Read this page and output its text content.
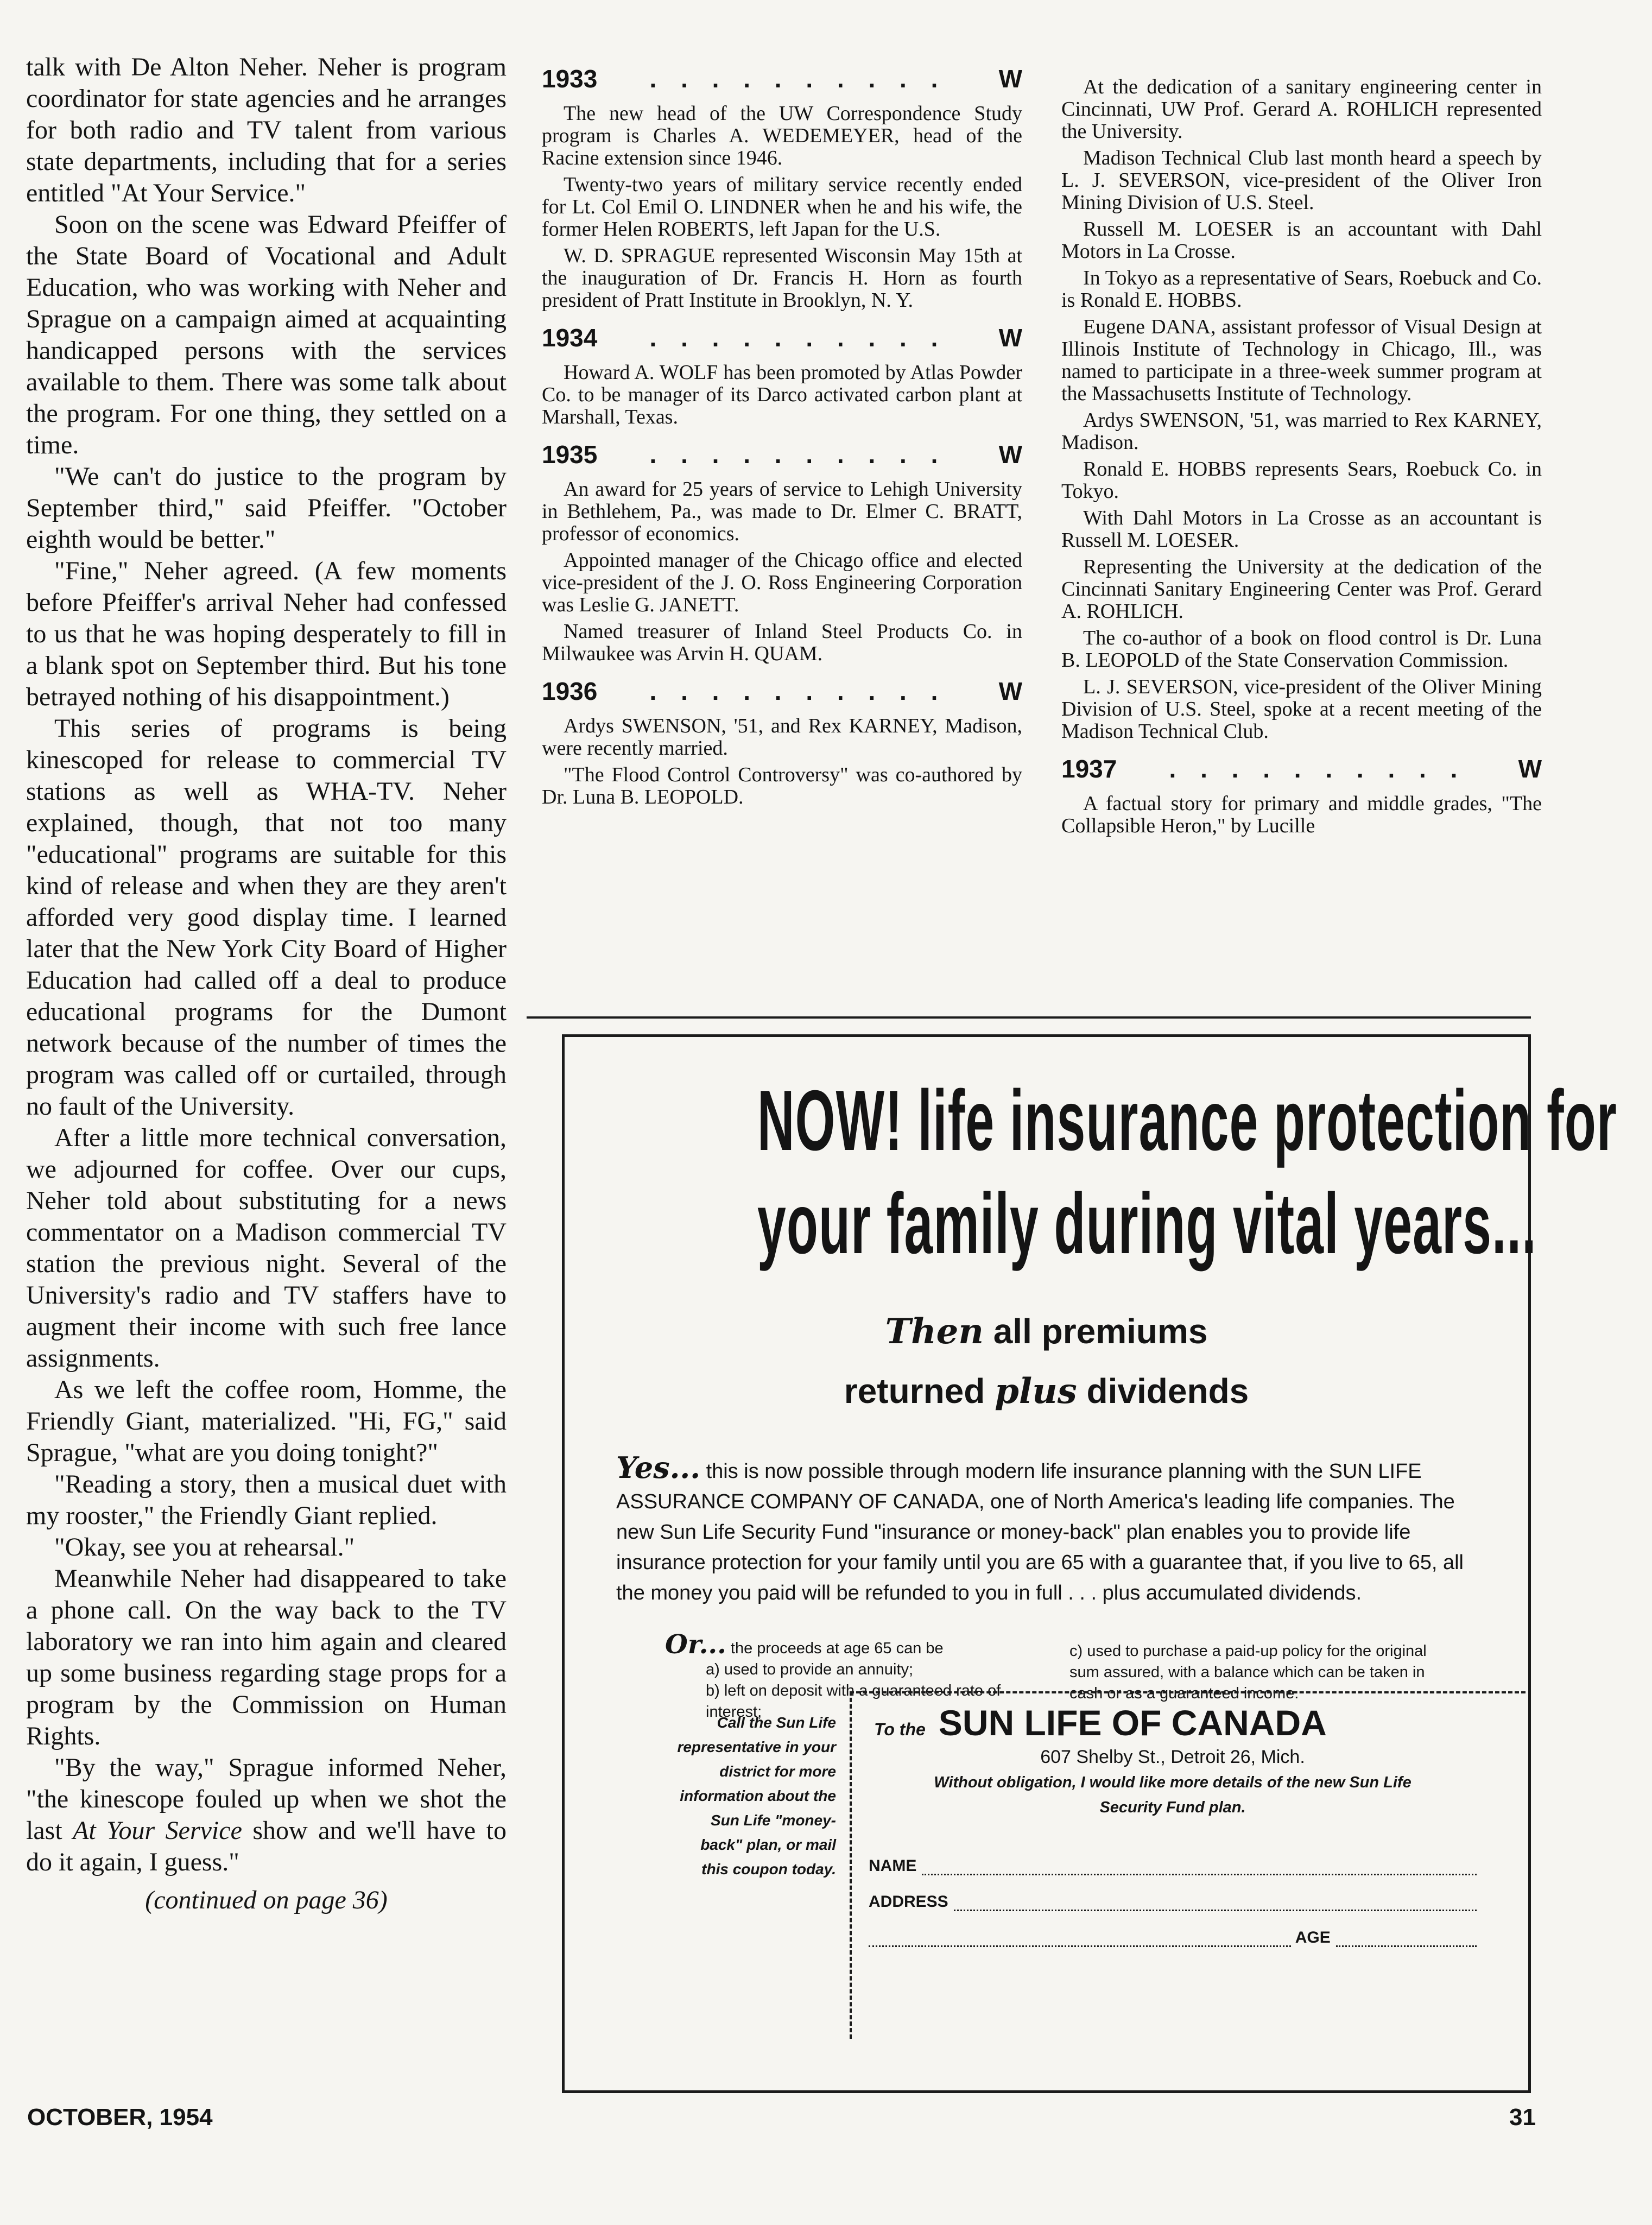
talk with De Alton Neher. Neher is program coordinator for state agencies and he arranges for both radio and TV talent from various state departments, including that for a series entitled "At Your Service."

Soon on the scene was Edward Pfeiffer of the State Board of Vocational and Adult Education, who was working with Neher and Sprague on a campaign aimed at acquainting handicapped persons with the services available to them. There was some talk about the program. For one thing, they settled on a time.

"We can't do justice to the program by September third," said Pfeiffer. "October eighth would be better."

"Fine," Neher agreed. (A few moments before Pfeiffer's arrival Neher had confessed to us that he was hoping desperately to fill in a blank spot on September third. But his tone betrayed nothing of his disappointment.)

This series of programs is being kinescoped for release to commercial TV stations as well as WHA-TV. Neher explained, though, that not too many "educational" programs are suitable for this kind of release and when they are they aren't afforded very good display time. I learned later that the New York City Board of Higher Education had called off a deal to produce educational programs for the Dumont network because of the number of times the program was called off or curtailed, through no fault of the University.

After a little more technical conversation, we adjourned for coffee. Over our cups, Neher told about substituting for a news commentator on a Madison commercial TV station the previous night. Several of the University's radio and TV staffers have to augment their income with such free lance assignments.

As we left the coffee room, Homme, the Friendly Giant, materialized. "Hi, FG," said Sprague, "what are you doing tonight?"

"Reading a story, then a musical duet with my rooster," the Friendly Giant replied.

"Okay, see you at rehearsal."

Meanwhile Neher had disappeared to take a phone call. On the way back to the TV laboratory we ran into him again and cleared up some business regarding stage props for a program by the Commission on Human Rights.

"By the way," Sprague informed Neher, "the kinescope fouled up when we shot the last At Your Service show and we'll have to do it again, I guess."

(continued on page 36)

1933	. . . . . . . . . .	W

The new head of the UW Correspondence Study program is Charles A. WEDEMEYER, head of the Racine extension since 1946.

Twenty-two years of military service recently ended for Lt. Col Emil O. LINDNER when he and his wife, the former Helen ROBERTS, left Japan for the U.S.

W. D. SPRAGUE represented Wisconsin May 15th at the inauguration of Dr. Francis H. Horn as fourth president of Pratt Institute in Brooklyn, N. Y.

1934	. . . . . . . . . .	W

Howard A. WOLF has been promoted by Atlas Powder Co. to be manager of its Darco activated carbon plant at Marshall, Texas.

1935	. . . . . . . . . .	W

An award for 25 years of service to Lehigh University in Bethlehem, Pa., was made to Dr. Elmer C. BRATT, professor of economics.

Appointed manager of the Chicago office and elected vice-president of the J. O. Ross Engineering Corporation was Leslie G. JANETT.

Named treasurer of Inland Steel Products Co. in Milwaukee was Arvin H. QUAM.

1936	. . . . . . . . . .	W

Ardys SWENSON, '51, and Rex KARNEY, Madison, were recently married.

"The Flood Control Controversy" was co-authored by Dr. Luna B. LEOPOLD.

At the dedication of a sanitary engineering center in Cincinnati, UW Prof. Gerard A. ROHLICH represented the University.

Madison Technical Club last month heard a speech by L. J. SEVERSON, vice-president of the Oliver Iron Mining Division of U.S. Steel.

Russell M. LOESER is an accountant with Dahl Motors in La Crosse.

In Tokyo as a representative of Sears, Roebuck and Co. is Ronald E. HOBBS.

Eugene DANA, assistant professor of Visual Design at Illinois Institute of Technology in Chicago, Ill., was named to participate in a three-week summer program at the Massachusetts Institute of Technology.

Ardys SWENSON, '51, was married to Rex KARNEY, Madison.

Ronald E. HOBBS represents Sears, Roebuck Co. in Tokyo.

With Dahl Motors in La Crosse as an accountant is Russell M. LOESER.

Representing the University at the dedication of the Cincinnati Sanitary Engineering Center was Prof. Gerard A. ROHLICH.

The co-author of a book on flood control is Dr. Luna B. LEOPOLD of the State Conservation Commission.

L. J. SEVERSON, vice-president of the Oliver Mining Division of U.S. Steel, spoke at a recent meeting of the Madison Technical Club.

1937	. . . . . . . . . .	W

A factual story for primary and middle grades, "The Collapsible Heron," by Lucille

NOW! life insurance protection for
your family during vital years...
Then all premiums
returned plus dividends
Yes... this is now possible through modern life insurance planning with the SUN LIFE ASSURANCE COMPANY OF CANADA, one of North America's leading life companies. The new Sun Life Security Fund "insurance or money-back" plan enables you to provide life insurance protection for your family until you are 65 with a guarantee that, if you live to 65, all the money you paid will be refunded to you in full . . . plus accumulated dividends.
Or... the proceeds at age 65 can be
a) used to provide an annuity;
b) left on deposit with a guaranteed rate of interest;
c) used to purchase a paid-up policy for the original sum assured, with a balance which can be taken in cash or as a guaranteed income.
Call the Sun Life representative in your district for more information about the Sun Life "money-back" plan, or mail this coupon today.
To the SUN LIFE OF CANADA
607 Shelby St., Detroit 26, Mich.
Without obligation, I would like more details of the new Sun Life Security Fund plan.
NAME
ADDRESS
AGE
OCTOBER, 1954	31
